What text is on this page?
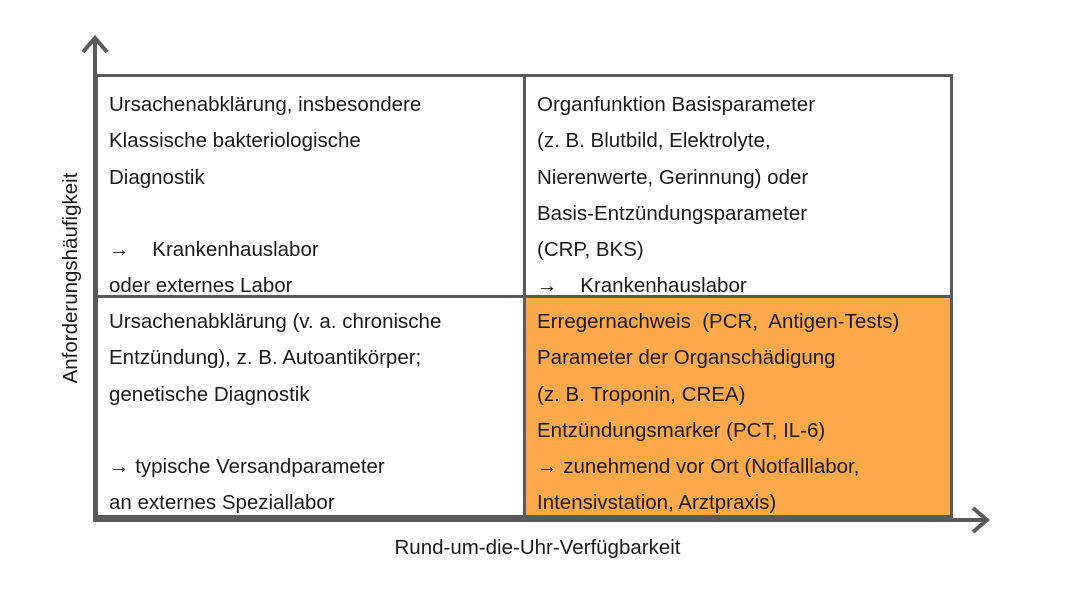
Ursachenabklärung, insbesondere
Klassische bakteriologische
Diagnostik
→    Krankenhauslabor
oder externes Labor
Organfunktion Basisparameter
(z. B. Blutbild, Elektrolyte,
Nierenwerte, Gerinnung) oder
Basis-Entzündungsparameter
(CRP, BKS)
→    Krankenhauslabor
Ursachenabklärung (v. a. chronische
Entzündung), z. B. Autoantikörper;
genetische Diagnostik
→ typische Versandparameter
an externes Speziallabor
Erregernachweis  (PCR,  Antigen-Tests)
Parameter der Organschädigung
(z. B. Troponin, CREA)
Entzündungsmarker (PCT, IL-6)
→ zunehmend vor Ort (Notfalllabor,
Intensivstation, Arztpraxis)
Rund-um-die-Uhr-Verfügbarkeit
Anforderungshäufigkeit
